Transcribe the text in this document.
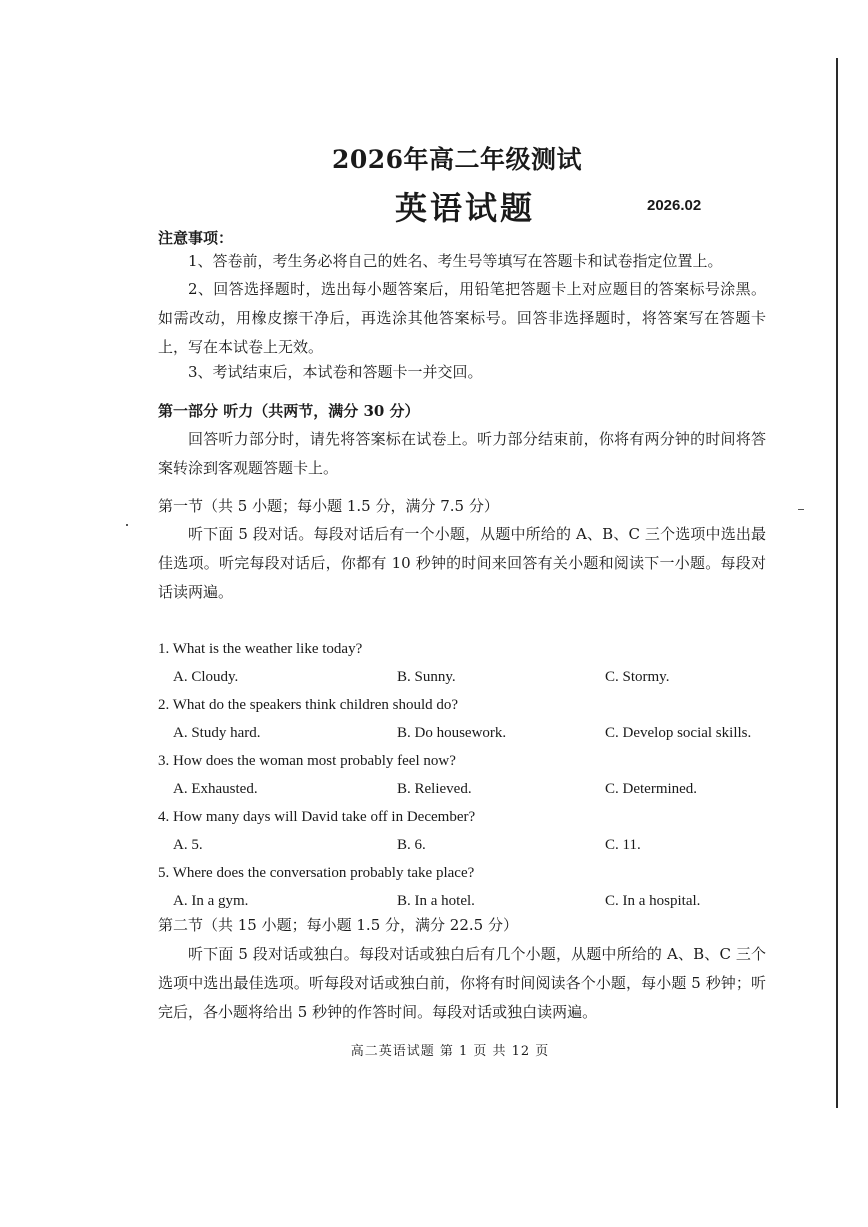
2026年高二年级测试
英语试题	2026.02
注意事项：
1、答卷前，考生务必将自己的姓名、考生号等填写在答题卡和试卷指定位置上。
2、回答选择题时，选出每小题答案后，用铅笔把答题卡上对应题目的答案标号涂黑。如需改动，用橡皮擦干净后，再选涂其他答案标号。回答非选择题时，将答案写在答题卡上，写在本试卷上无效。
3、考试结束后，本试卷和答题卡一并交回。
第一部分 听力（共两节，满分 30 分）
回答听力部分时，请先将答案标在试卷上。听力部分结束前，你将有两分钟的时间将答案转涂到客观题答题卡上。
第一节（共 5 小题；每小题 1.5 分，满分 7.5 分）
听下面 5 段对话。每段对话后有一个小题，从题中所给的 A、B、C 三个选项中选出最佳选项。听完每段对话后，你都有 10 秒钟的时间来回答有关小题和阅读下一小题。每段对话读两遍。
1. What is the weather like today?
A. Cloudy.	B. Sunny.	C. Stormy.
2. What do the speakers think children should do?
A. Study hard.	B. Do housework.	C. Develop social skills.
3. How does the woman most probably feel now?
A. Exhausted.	B. Relieved.	C. Determined.
4. How many days will David take off in December?
A. 5.	B. 6.	C. 11.
5. Where does the conversation probably take place?
A. In a gym.	B. In a hotel.	C. In a hospital.
第二节（共 15 小题；每小题 1.5 分，满分 22.5 分）
听下面 5 段对话或独白。每段对话或独白后有几个小题，从题中所给的 A、B、C 三个选项中选出最佳选项。听每段对话或独白前，你将有时间阅读各个小题，每小题 5 秒钟；听完后，各小题将给出 5 秒钟的作答时间。每段对话或独白读两遍。
高二英语试题 第 1 页 共 12 页
